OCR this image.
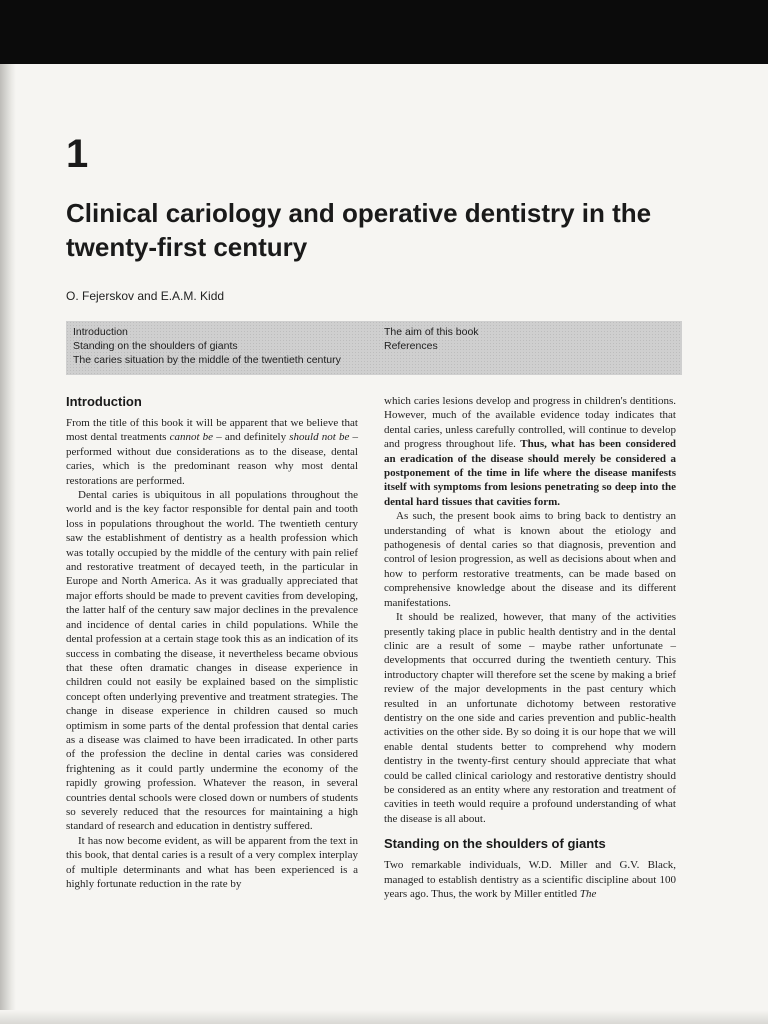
1
Clinical cariology and operative dentistry in the twenty-first century
O. Fejerskov and E.A.M. Kidd
Introduction
Standing on the shoulders of giants
The caries situation by the middle of the twentieth century
The aim of this book
References
Introduction

From the title of this book it will be apparent that we believe that most dental treatments cannot be – and definitely should not be – performed without due considerations as to the disease, dental caries, which is the predominant reason why most dental restorations are performed.

Dental caries is ubiquitous in all populations throughout the world and is the key factor responsible for dental pain and tooth loss in populations throughout the world. The twentieth century saw the establishment of dentistry as a health profession which was totally occupied by the middle of the century with pain relief and restorative treatment of decayed teeth, in the particular in Europe and North America. As it was gradually appreciated that major efforts should be made to prevent cavities from developing, the latter half of the century saw major declines in the prevalence and incidence of dental caries in child populations. While the dental profession at a certain stage took this as an indication of its success in combating the disease, it nevertheless became obvious that these often dramatic changes in disease experience in children could not easily be explained based on the simplistic concept often underlying preventive and treatment strategies. The change in disease experience in children caused so much optimism in some parts of the dental profession that dental caries as a disease was claimed to have been irradicated. In other parts of the profession the decline in dental caries was considered frightening as it could partly undermine the economy of the rapidly growing profession. Whatever the reason, in several countries dental schools were closed down or numbers of students so severely reduced that the resources for maintaining a high standard of research and education in dentistry suffered.

It has now become evident, as will be apparent from the text in this book, that dental caries is a result of a very complex interplay of multiple determinants and what has been experienced is a highly fortunate reduction in the rate by

which caries lesions develop and progress in children's dentitions. However, much of the available evidence today indicates that dental caries, unless carefully controlled, will continue to develop and progress throughout life. Thus, what has been considered an eradication of the disease should merely be considered a postponement of the time in life where the disease manifests itself with symptoms from lesions penetrating so deep into the dental hard tissues that cavities form.

As such, the present book aims to bring back to dentistry an understanding of what is known about the etiology and pathogenesis of dental caries so that diagnosis, prevention and control of lesion progression, as well as decisions about when and how to perform restorative treatments, can be made based on comprehensive knowledge about the disease and its different manifestations.

It should be realized, however, that many of the activities presently taking place in public health dentistry and in the dental clinic are a result of some – maybe rather unfortunate – developments that occurred during the twentieth century. This introductory chapter will therefore set the scene by making a brief review of the major developments in the past century which resulted in an unfortunate dichotomy between restorative dentistry on the one side and caries prevention and public-health activities on the other side. By so doing it is our hope that we will enable dental students better to comprehend why modern dentistry in the twenty-first century should appreciate that what could be called clinical cariology and restorative dentistry should be considered as an entity where any restoration and treatment of cavities in teeth would require a profound understanding of what the disease is all about.

Standing on the shoulders of giants

Two remarkable individuals, W.D. Miller and G.V. Black, managed to establish dentistry as a scientific discipline about 100 years ago. Thus, the work by Miller entitled The
